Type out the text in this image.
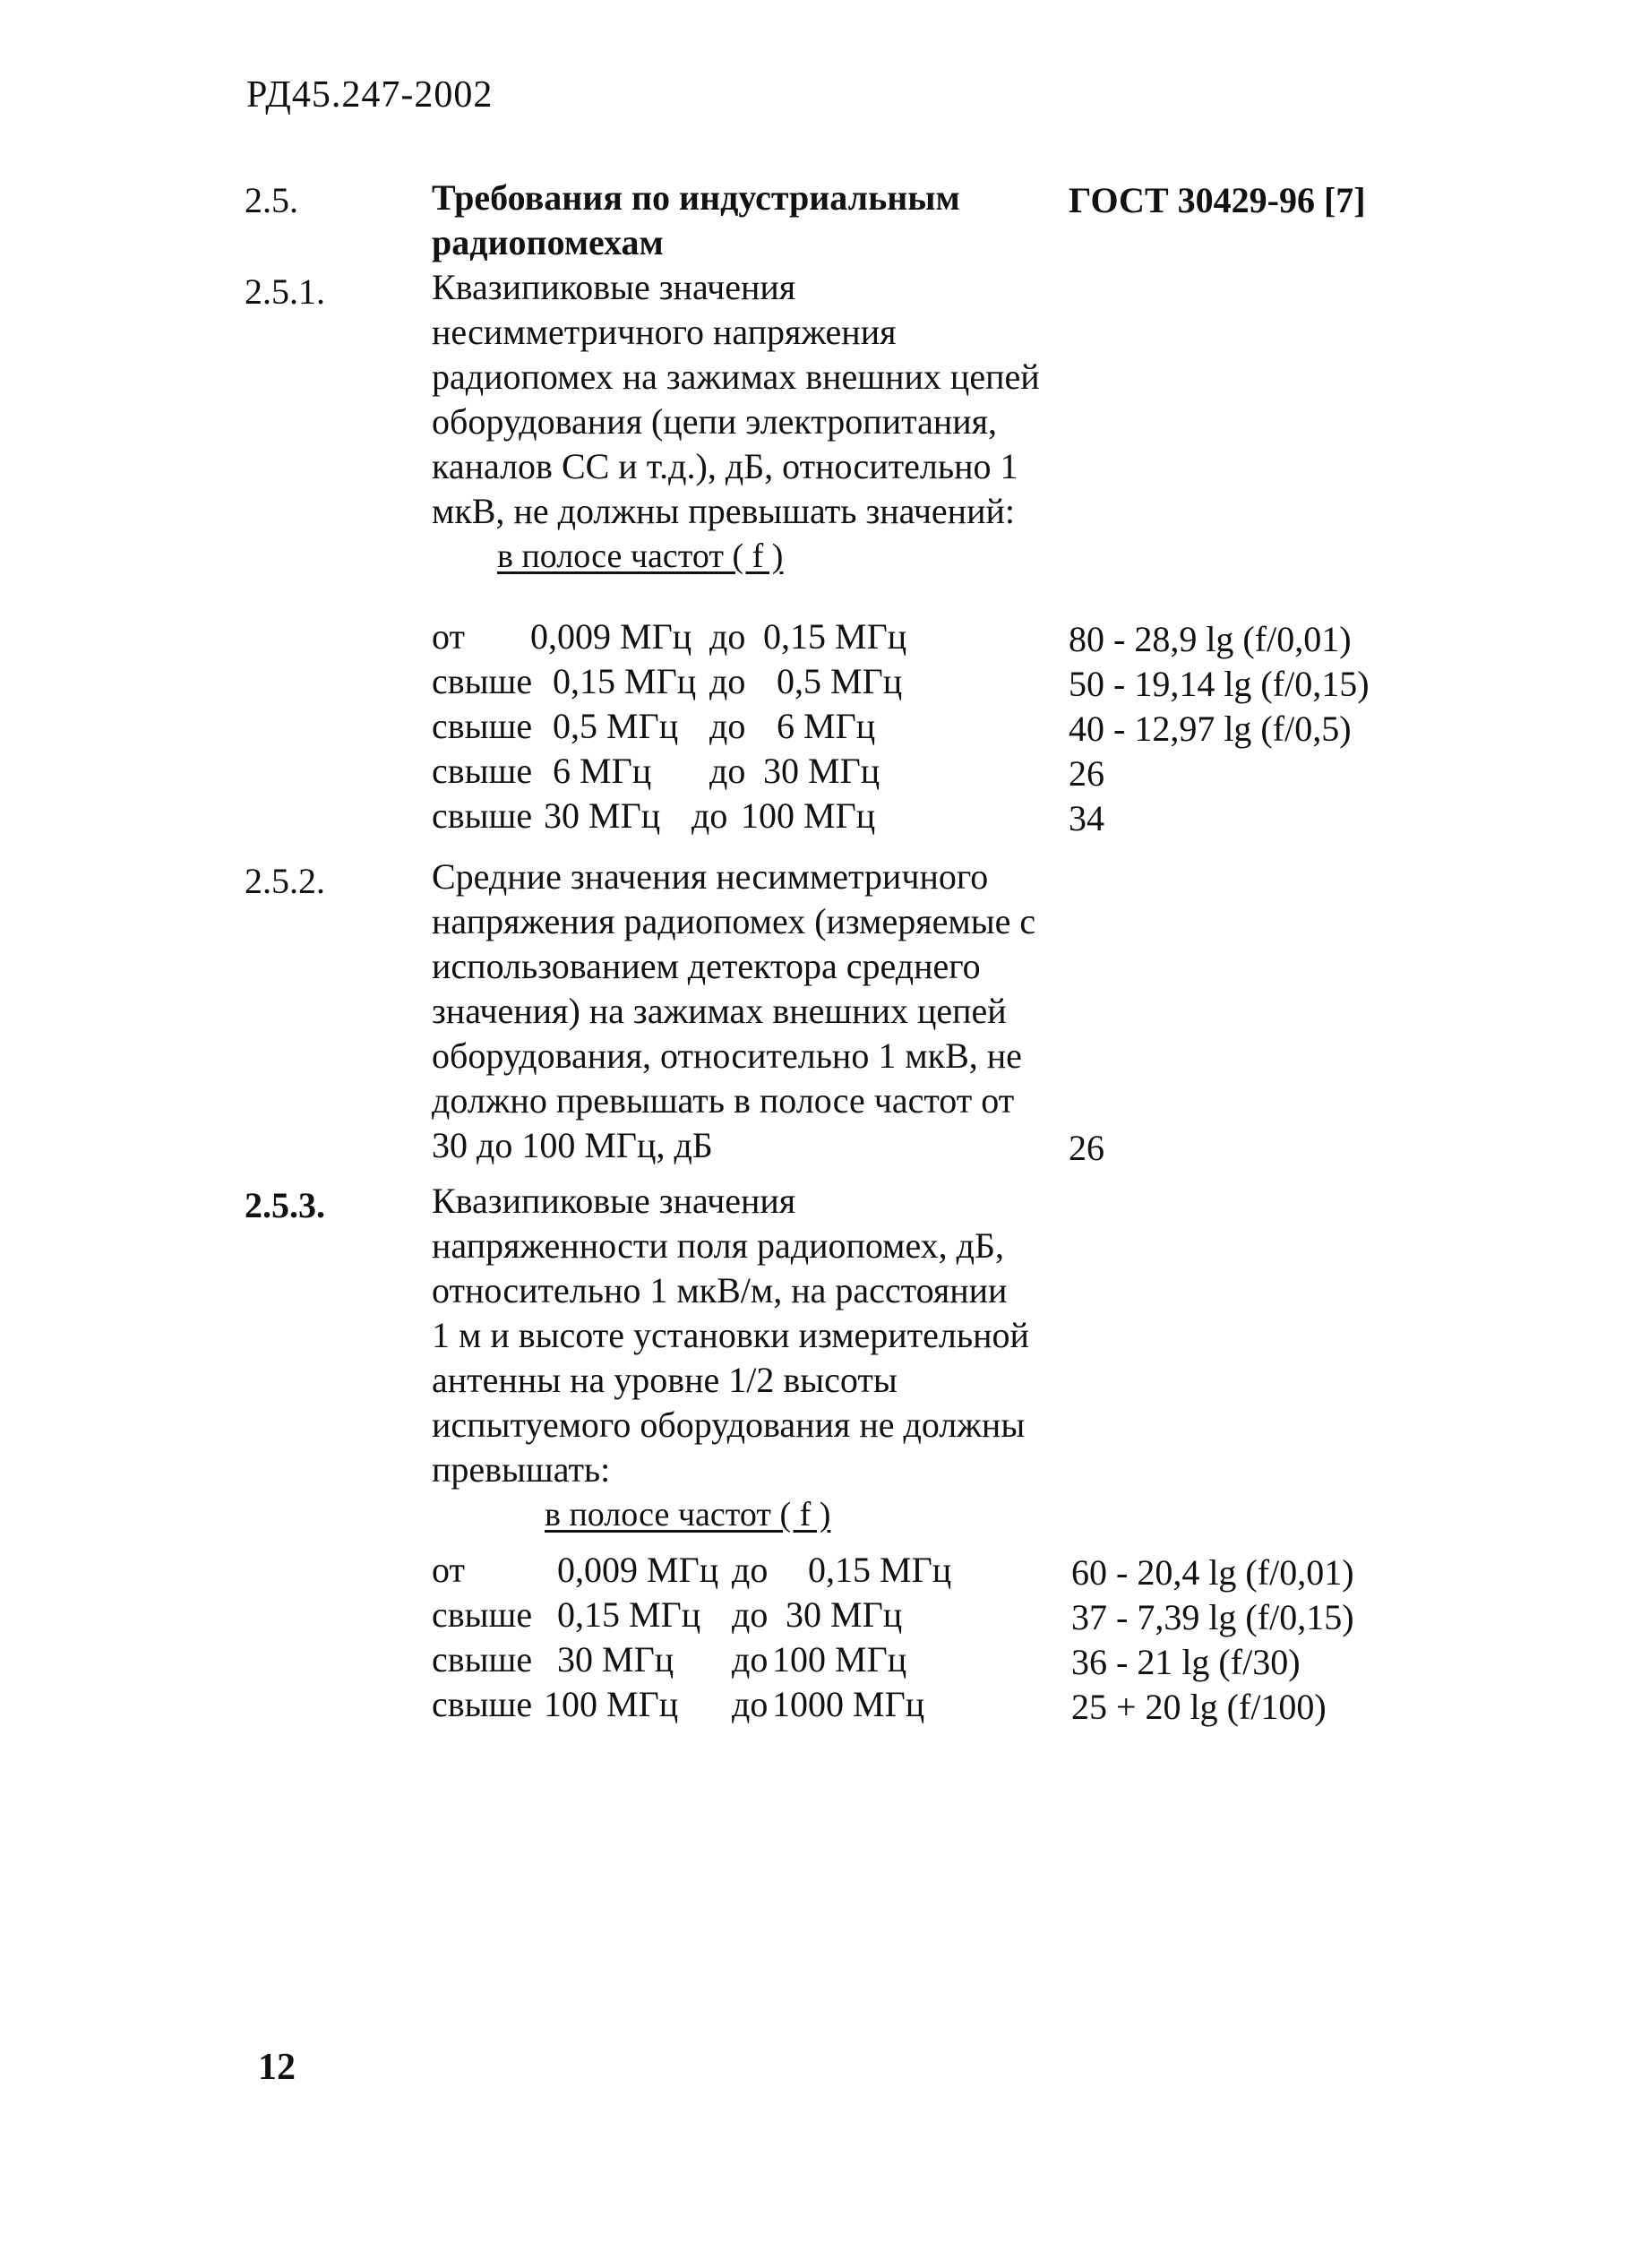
РД45.247-2002
2.5.	Требования по индустриальным
радиопомехам
ГОСТ 30429-96 [7]
2.5.1.	Квазипиковые значения
несимметричного напряжения
радиопомех на зажимах внешних цепей
оборудования (цепи электропитания,
каналов СС и т.д.), дБ, относительно 1
мкВ, не должны превышать значений:
в полосе частот ( f )
от 0,009 МГц до 0,15 МГц	80 - 28,9 lg (f/0,01)
свыше 0,15 МГц до 0,5 МГц	50 - 19,14 lg (f/0,15)
свыше 0,5 МГц до 6 МГц	40 - 12,97 lg (f/0,5)
свыше 6 МГц до 30 МГц	26
свыше 30 МГц до 100 МГц	34
2.5.2.	Средние значения несимметричного
напряжения радиопомех (измеряемые с
использованием детектора среднего
значения) на зажимах внешних цепей
оборудования, относительно 1 мкВ, не
должно превышать в полосе частот от
30 до 100 МГц, дБ	26
2.5.3.	Квазипиковые значения
напряженности поля радиопомех, дБ,
относительно 1 мкВ/м, на расстоянии
1 м и высоте установки измерительной
антенны на уровне 1/2 высоты
испытуемого оборудования не должны
превышать:
в полосе частот ( f )
от	0,009 МГц до 0,15 МГц	60 - 20,4 lg (f/0,01)
свыше 0,15 МГц до 30 МГц	37 - 7,39 lg (f/0,15)
свыше 30 МГц до 100 МГц	36 - 21 lg (f/30)
свыше 100 МГц до 1000 МГц	25 + 20 lg (f/100)
12
